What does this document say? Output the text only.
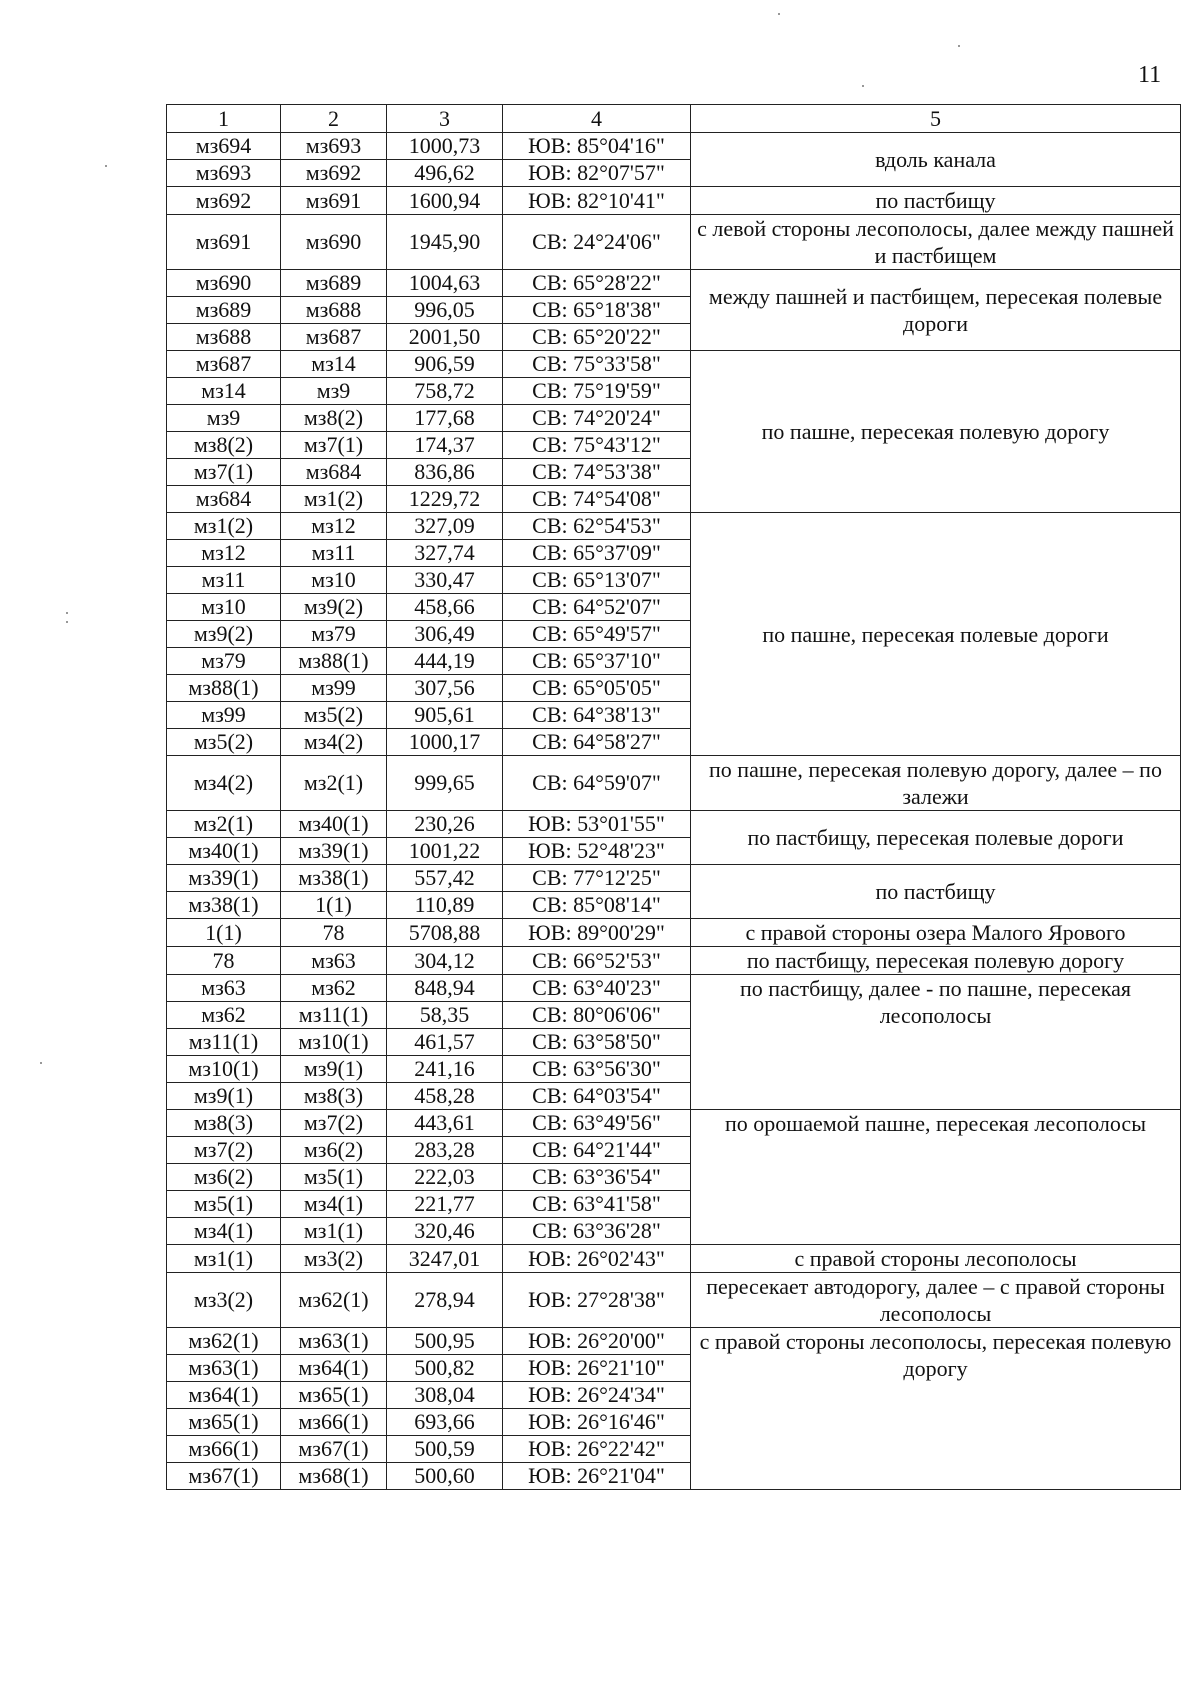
11
1	2	3	4	5
мз694	мз693	1000,73	ЮВ: 85°04'16"	вдоль канала
мз693	мз692	496,62	ЮВ: 82°07'57"	
мз692	мз691	1600,94	ЮВ: 82°10'41"	по пастбищу
мз691	мз690	1945,90	СВ: 24°24'06"	с левой стороны лесополосы, далее между пашней и пастбищем
мз690	мз689	1004,63	СВ: 65°28'22"	между пашней и пастбищем, пересекая полевые дороги
мз689	мз688	996,05	СВ: 65°18'38"	
мз688	мз687	2001,50	СВ: 65°20'22"	
мз687	мз14	906,59	СВ: 75°33'58"	по пашне, пересекая полевую дорогу
мз14	мз9	758,72	СВ: 75°19'59"	
мз9	мз8(2)	177,68	СВ: 74°20'24"	
мз8(2)	мз7(1)	174,37	СВ: 75°43'12"	
мз7(1)	мз684	836,86	СВ: 74°53'38"	
мз684	мз1(2)	1229,72	СВ: 74°54'08"	
мз1(2)	мз12	327,09	СВ: 62°54'53"	по пашне, пересекая полевые дороги
мз12	мз11	327,74	СВ: 65°37'09"	
мз11	мз10	330,47	СВ: 65°13'07"	
мз10	мз9(2)	458,66	СВ: 64°52'07"	
мз9(2)	мз79	306,49	СВ: 65°49'57"	
мз79	мз88(1)	444,19	СВ: 65°37'10"	
мз88(1)	мз99	307,56	СВ: 65°05'05"	
мз99	мз5(2)	905,61	СВ: 64°38'13"	
мз5(2)	мз4(2)	1000,17	СВ: 64°58'27"	
мз4(2)	мз2(1)	999,65	СВ: 64°59'07"	по пашне, пересекая полевую дорогу, далее – по залежи
мз2(1)	мз40(1)	230,26	ЮВ: 53°01'55"	по пастбищу, пересекая полевые дороги
мз40(1)	мз39(1)	1001,22	ЮВ: 52°48'23"	
мз39(1)	мз38(1)	557,42	СВ: 77°12'25"	по пастбищу
мз38(1)	1(1)	110,89	СВ: 85°08'14"	
1(1)	78	5708,88	ЮВ: 89°00'29"	с правой стороны озера Малого Ярового
78	мз63	304,12	СВ: 66°52'53"	по пастбищу, пересекая полевую дорогу
мз63	мз62	848,94	СВ: 63°40'23"	по пастбищу, далее - по пашне, пересекая лесополосы
мз62	мз11(1)	58,35	СВ: 80°06'06"	
мз11(1)	мз10(1)	461,57	СВ: 63°58'50"	
мз10(1)	мз9(1)	241,16	СВ: 63°56'30"	
мз9(1)	мз8(3)	458,28	СВ: 64°03'54"	
мз8(3)	мз7(2)	443,61	СВ: 63°49'56"	по орошаемой пашне, пересекая лесополосы
мз7(2)	мз6(2)	283,28	СВ: 64°21'44"	
мз6(2)	мз5(1)	222,03	СВ: 63°36'54"	
мз5(1)	мз4(1)	221,77	СВ: 63°41'58"	
мз4(1)	мз1(1)	320,46	СВ: 63°36'28"	
мз1(1)	мз3(2)	3247,01	ЮВ: 26°02'43"	с правой стороны лесополосы
мз3(2)	мз62(1)	278,94	ЮВ: 27°28'38"	пересекает автодорогу, далее – с правой стороны лесополосы
мз62(1)	мз63(1)	500,95	ЮВ: 26°20'00"	с правой стороны лесополосы, пересекая полевую дорогу
мз63(1)	мз64(1)	500,82	ЮВ: 26°21'10"	
мз64(1)	мз65(1)	308,04	ЮВ: 26°24'34"	
мз65(1)	мз66(1)	693,66	ЮВ: 26°16'46"	
мз66(1)	мз67(1)	500,59	ЮВ: 26°22'42"	
мз67(1)	мз68(1)	500,60	ЮВ: 26°21'04"	
